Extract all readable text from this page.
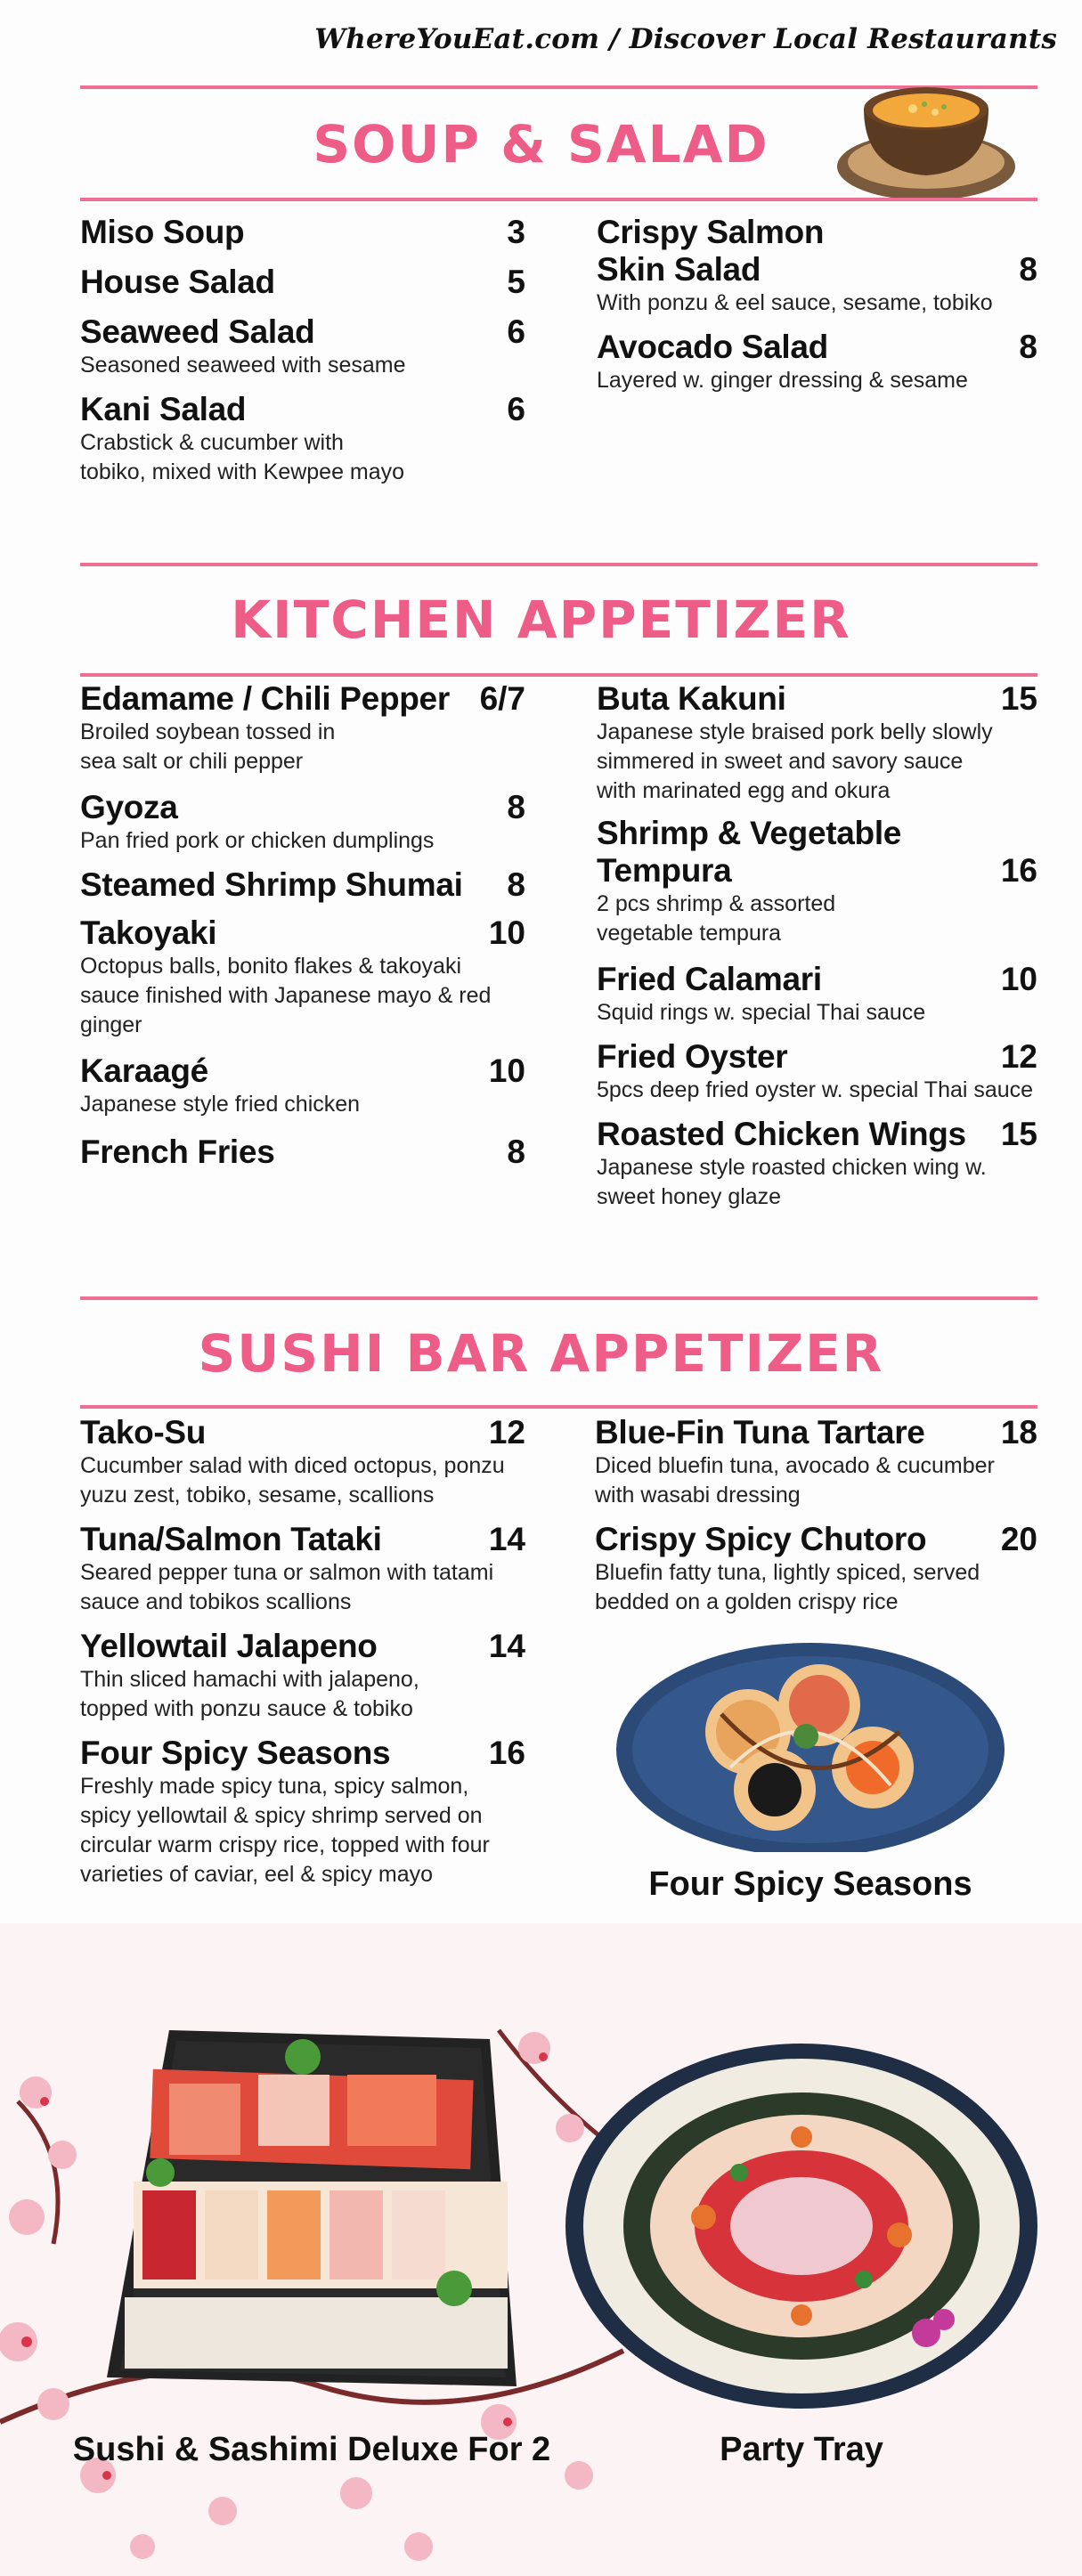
WhereYouEat.com / Discover Local Restaurants
SOUP & SALAD
Miso Soup	3
House Salad	5
Seaweed Salad	6
Seasoned seaweed with sesame
Kani Salad	6
Crabstick & cucumber with
tobiko, mixed with Kewpee mayo
Crispy Salmon
Skin Salad	8
With ponzu & eel sauce, sesame, tobiko
Avocado Salad	8
Layered w. ginger dressing & sesame
KITCHEN APPETIZER
Edamame / Chili Pepper 6/7
Broiled soybean tossed in
sea salt or chili pepper
Gyoza	8
Pan fried pork or chicken dumplings
Steamed Shrimp Shumai 8
Takoyaki	10
Octopus balls, bonito flakes & takoyaki
sauce finished with Japanese mayo & red
ginger
Karaagé	10
Japanese style fried chicken
French Fries	8
Buta Kakuni	15
Japanese style braised pork belly slowly
simmered in sweet and savory sauce
with marinated egg and okura
Shrimp & Vegetable
Tempura	16
2 pcs shrimp & assorted
vegetable tempura
Fried Calamari	10
Squid rings w. special Thai sauce
Fried Oyster	12
5pcs deep fried oyster w. special Thai sauce
Roasted Chicken Wings 15
Japanese style roasted chicken wing w.
sweet honey glaze
SUSHI BAR APPETIZER
Tako-Su	12
Cucumber salad with diced octopus, ponzu
yuzu zest, tobiko, sesame, scallions
Tuna/Salmon Tataki	14
Seared pepper tuna or salmon with tatami
sauce and tobikos scallions
Yellowtail Jalapeno	14
Thin sliced hamachi with jalapeno,
topped with ponzu sauce & tobiko
Four Spicy Seasons	16
Freshly made spicy tuna, spicy salmon,
spicy yellowtail & spicy shrimp served on
circular warm crispy rice, topped with four
varieties of caviar, eel & spicy mayo
Blue-Fin Tuna Tartare 18
Diced bluefin tuna, avocado & cucumber
with wasabi dressing
Crispy Spicy Chutoro 20
Bluefin fatty tuna, lightly spiced, served
bedded on a golden crispy rice
Four Spicy Seasons
Sushi & Sashimi Deluxe For 2	Party Tray
